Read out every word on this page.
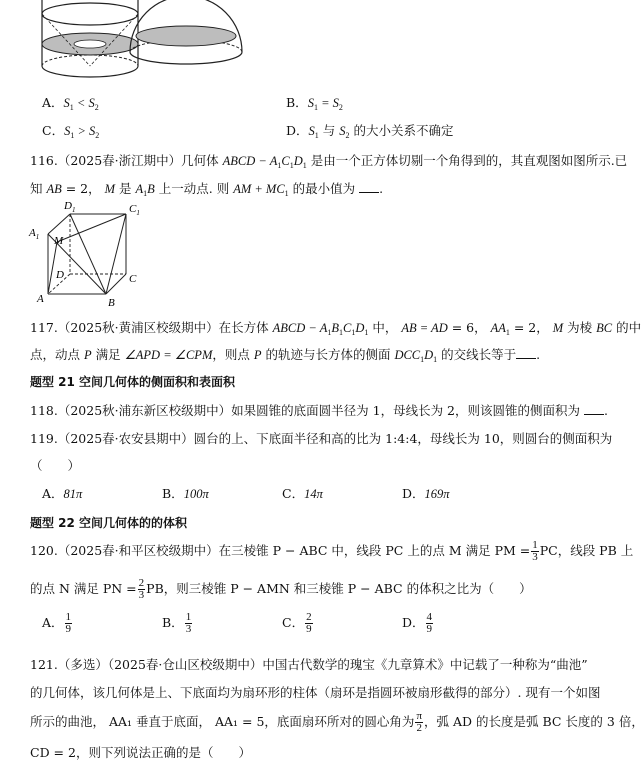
A．$S_1 < S_2$	B．$S_1 = S_2$
C．$S_1 > S_2$	D．$S_1$ 与 $S_2$ 的大小关系不确定
116.（2025春·浙江期中）几何体 ABCD − $A_1C_1D_1$ 是由一个正方体切剔一个角得到的，其直观图如图所示.已
知 AB = 2， M 是 $A_1B$ 上一动点. 则 AM + $MC_1$ 的最小值为 .
$D_1$	$C_1$
$A_1$ M
D	C
A	B
117.（2025秋·黄浦区校级期中）在长方体 ABCD − $A_1B_1C_1D_1$ 中， AB = AD = 6， $AA_1 = 2$， M 为棱 BC 的中
点，动点 P 满足 ∠APD = ∠CPM，则点 P 的轨迹与长方体的侧面 $DCC_1D_1$ 的交线长等于 .
题型 21 空间几何体的侧面积和表面积
118.（2025秋·浦东新区校级期中）如果圆锥的底面圆半径为 1，母线长为 2，则该圆锥的侧面积为 .
119.（2025春·农安县期中）圆台的上、下底面半径和高的比为 1:4:4，母线长为 10，则圆台的侧面积为
（　　）
A．81π	B．100π	C．14π	D．169π
题型 22 空间几何体的的体积
120.（2025春·和平区校级期中）在三棱锥 P − ABC 中，线段 PC 上的点 M 满足 PM = $\frac{1}{3}$ PC，线段 PB 上
的点 N 满足 PN = $\frac{2}{3}$ PB，则三棱锥 P − AMN 和三棱锥 P − ABC 的体积之比为（　　）
A． $\frac{1}{9}$	B． $\frac{1}{3}$	C． $\frac{2}{9}$	D． $\frac{4}{9}$
121.（多选）（2025春·仓山区校级期中）中国古代数学的瑰宝《九章算术》中记载了一种称为“曲池”
的几何体，该几何体是上、下底面均为扇环形的柱体（扇环是指圆环被扇形截得的部分）. 现有一个如图
所示的曲池， AA₁ 垂直于底面， AA₁ = 5，底面扇环所对的圆心角为 $\frac{\pi}{2}$ ，弧 AD 的长度是弧 BC 长度的 3 倍，
CD = 2，则下列说法正确的是（　　）
